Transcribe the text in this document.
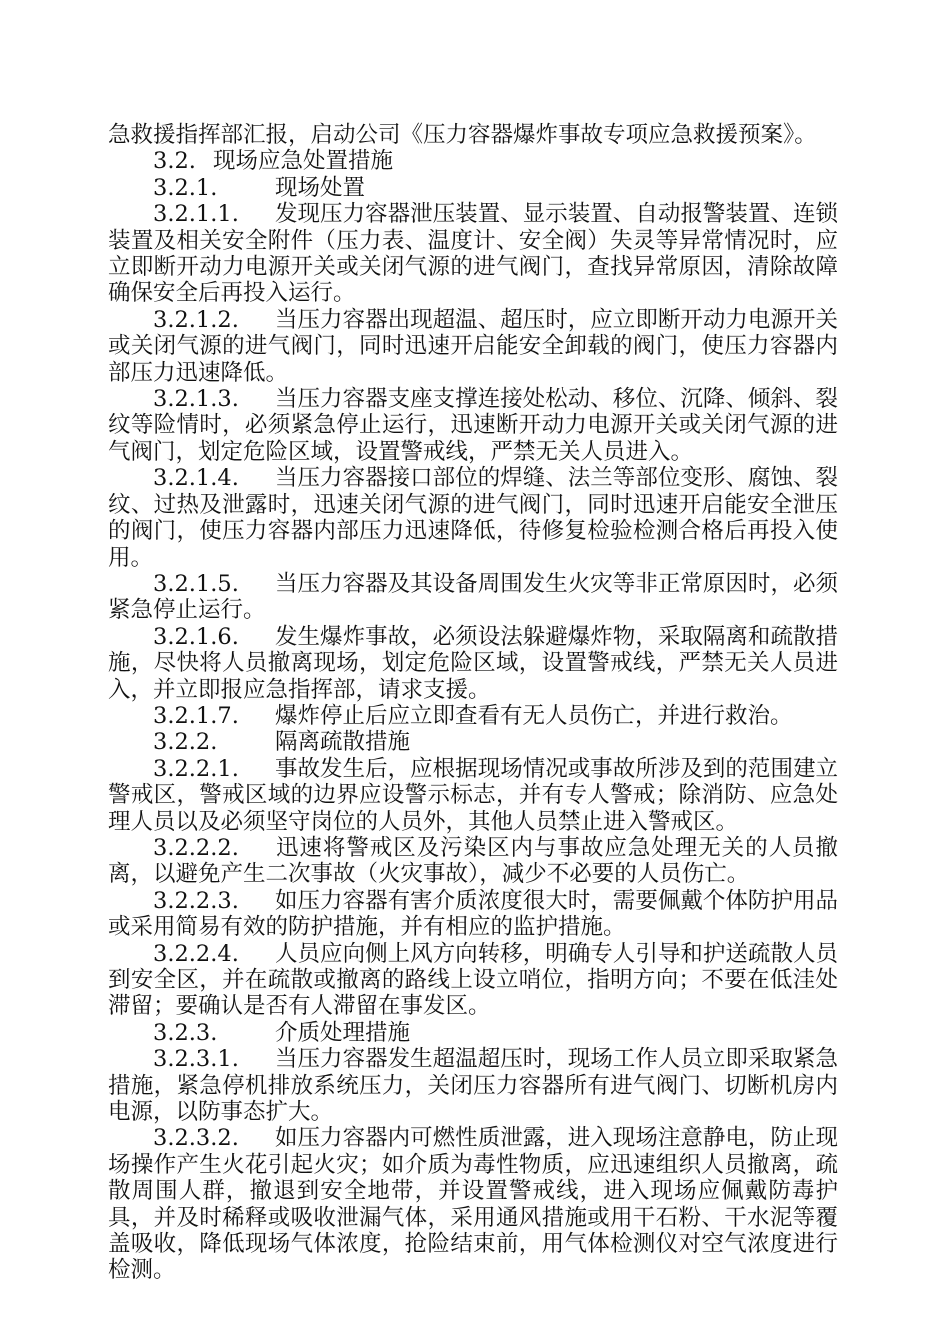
急救援指挥部汇报，启动公司《压力容器爆炸事故专项应急救援预案》。

3.2. 现场应急处置措施

3.2.1.	现场处置

3.2.1.1. 发现压力容器泄压装置、显示装置、自动报警装置、连锁装置及相关安全附件（压力表、温度计、安全阀）失灵等异常情况时，应立即断开动力电源开关或关闭气源的进气阀门，查找异常原因，清除故障确保安全后再投入运行。

3.2.1.2. 当压力容器出现超温、超压时，应立即断开动力电源开关或关闭气源的进气阀门，同时迅速开启能安全卸载的阀门，使压力容器内部压力迅速降低。

3.2.1.3. 当压力容器支座支撑连接处松动、移位、沉降、倾斜、裂纹等险情时，必须紧急停止运行，迅速断开动力电源开关或关闭气源的进气阀门，划定危险区域，设置警戒线，严禁无关人员进入。

3.2.1.4. 当压力容器接口部位的焊缝、法兰等部位变形、腐蚀、裂纹、过热及泄露时，迅速关闭气源的进气阀门，同时迅速开启能安全泄压的阀门，使压力容器内部压力迅速降低，待修复检验检测合格后再投入使用。

3.2.1.5. 当压力容器及其设备周围发生火灾等非正常原因时，必须紧急停止运行。

3.2.1.6. 发生爆炸事故，必须设法躲避爆炸物，采取隔离和疏散措施，尽快将人员撤离现场，划定危险区域，设置警戒线，严禁无关人员进入，并立即报应急指挥部，请求支援。

3.2.1.7. 爆炸停止后应立即查看有无人员伤亡，并进行救治。

3.2.2.	隔离疏散措施

3.2.2.1. 事故发生后，应根据现场情况或事故所涉及到的范围建立警戒区，警戒区域的边界应设警示标志，并有专人警戒；除消防、应急处理人员以及必须坚守岗位的人员外，其他人员禁止进入警戒区。

3.2.2.2. 迅速将警戒区及污染区内与事故应急处理无关的人员撤离，以避免产生二次事故（火灾事故），减少不必要的人员伤亡。

3.2.2.3. 如压力容器有害介质浓度很大时，需要佩戴个体防护用品或采用简易有效的防护措施，并有相应的监护措施。

3.2.2.4. 人员应向侧上风方向转移，明确专人引导和护送疏散人员到安全区，并在疏散或撤离的路线上设立哨位，指明方向；不要在低洼处滞留；要确认是否有人滞留在事发区。

3.2.3.	介质处理措施

3.2.3.1. 当压力容器发生超温超压时，现场工作人员立即采取紧急措施，紧急停机排放系统压力，关闭压力容器所有进气阀门、切断机房内电源，以防事态扩大。

3.2.3.2. 如压力容器内可燃性质泄露，进入现场注意静电，防止现场操作产生火花引起火灾；如介质为毒性物质，应迅速组织人员撤离，疏散周围人群，撤退到安全地带，并设置警戒线，进入现场应佩戴防毒护具，并及时稀释或吸收泄漏气体，采用通风措施或用干石粉、干水泥等覆盖吸收，降低现场气体浓度，抢险结束前，用气体检测仪对空气浓度进行检测。
